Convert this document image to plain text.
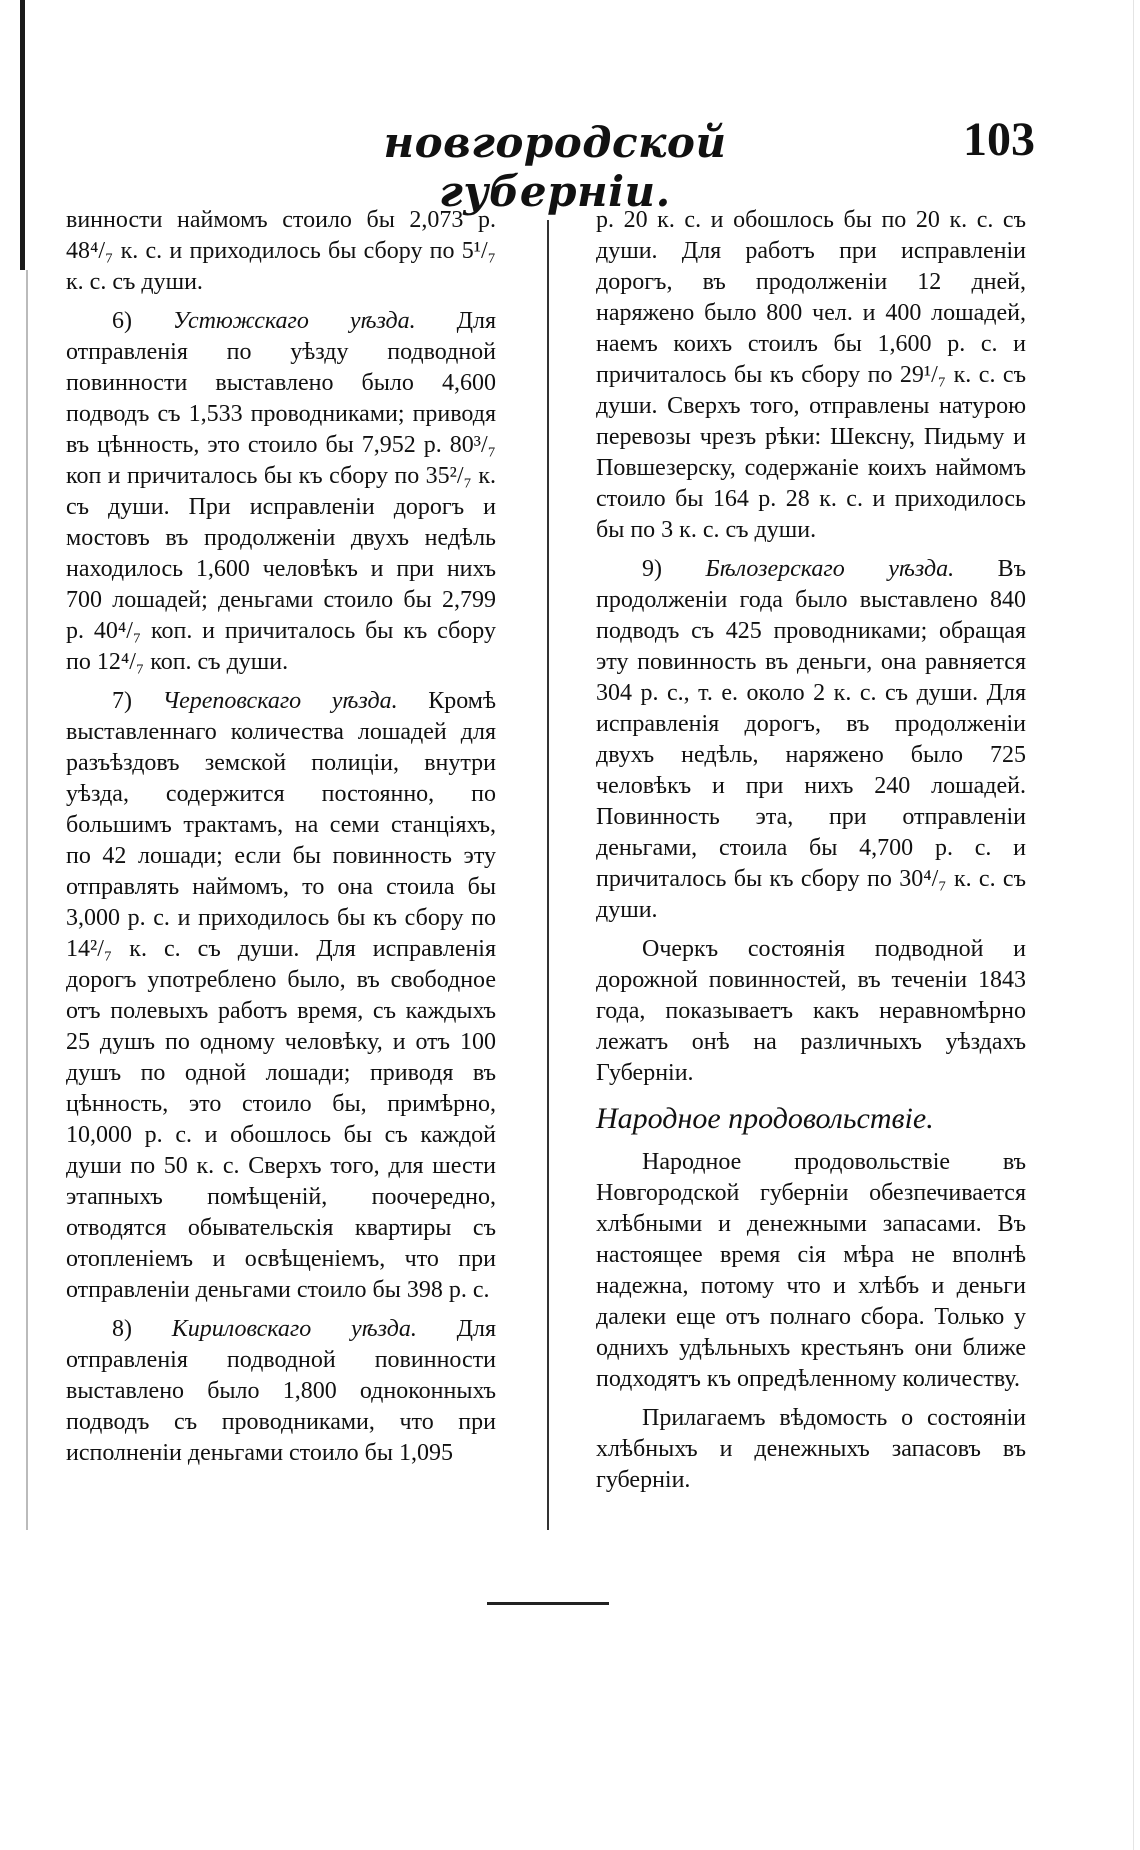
новгородской губерніи.
103

винности наймомъ стоило бы 2,073 р. 48⁴/₇ к. с. и приходилось бы сбору по 5¹/₇ к. с. съ души.

6) Устюжскаго уѣзда. Для отправленія по уѣзду подводной повинности выставлено было 4,600 подводъ съ 1,533 проводниками; приводя въ цѣнность, это стоило бы 7,952 р. 80³/₇ коп и причиталось бы къ сбору по 35²/₇ к. съ души. При исправленіи дорогъ и мостовъ въ продолженіи двухъ недѣль находилось 1,600 человѣкъ и при нихъ 700 лошадей; деньгами стоило бы 2,799 р. 40⁴/₇ коп. и причиталось бы къ сбору по 12⁴/₇ коп. съ души.

7) Череповскаго уѣзда. Кромѣ выставленнаго количества лошадей для разъѣздовъ земской полиціи, внутри уѣзда, содержится постоянно, по большимъ трактамъ, на семи станціяхъ, по 42 лошади; если бы повинность эту отправлять наймомъ, то она стоила бы 3,000 р. с. и приходилось бы къ сбору по 14²/₇ к. с. съ души. Для исправленія дорогъ употреблено было, въ свободное отъ полевыхъ работъ время, съ каждыхъ 25 душъ по одному человѣку, и отъ 100 душъ по одной лошади; приводя въ цѣнность, это стоило бы, примѣрно, 10,000 р. с. и обошлось бы съ каждой души по 50 к. с. Сверхъ того, для шести этапныхъ помѣщеній, поочередно, отводятся обывательскія квартиры съ отопленіемъ и освѣщеніемъ, что при отправленіи деньгами стоило бы 398 р. с.

8) Кириловскаго уѣзда. Для отправленія подводной повинности выставлено было 1,800 одноконныхъ подводъ съ проводниками, что при исполненіи деньгами стоило бы 1,095

р. 20 к. с. и обошлось бы по 20 к. с. съ души. Для работъ при исправленіи дорогъ, въ продолженіи 12 дней, наряжено было 800 чел. и 400 лошадей, наемъ коихъ стоилъ бы 1,600 р. с. и причиталось бы къ сбору по 29¹/₇ к. с. съ души. Сверхъ того, отправлены натурою перевозы чрезъ рѣки: Шексну, Пидьму и Повшезерску, содержаніе коихъ наймомъ стоило бы 164 р. 28 к. с. и приходилось бы по 3 к. с. съ души.

9) Бѣлозерскаго уѣзда. Въ продолженіи года было выставлено 840 подводъ съ 425 проводниками; обращая эту повинность въ деньги, она равняется 304 р. с., т. е. около 2 к. с. съ души. Для исправленія дорогъ, въ продолженіи двухъ недѣль, наряжено было 725 человѣкъ и при нихъ 240 лошадей. Повинность эта, при отправленіи деньгами, стоила бы 4,700 р. с. и причиталось бы къ сбору по 30⁴/₇ к. с. съ души.

Очеркъ состоянія подводной и дорожной повинностей, въ теченіи 1843 года, показываетъ какъ неравномѣрно лежатъ онѣ на различныхъ уѣздахъ Губерніи.

Народное продовольствіе.

Народное продовольствіе въ Новгородской губерніи обезпечивается хлѣбными и денежными запасами. Въ настоящее время сія мѣра не вполнѣ надежна, потому что и хлѣбъ и деньги далеки еще отъ полнаго сбора. Только у однихъ удѣльныхъ крестьянъ они ближе подходятъ къ опредѣленному количеству.

Прилагаемъ вѣдомость о состояніи хлѣбныхъ и денежныхъ запасовъ въ губерніи.
